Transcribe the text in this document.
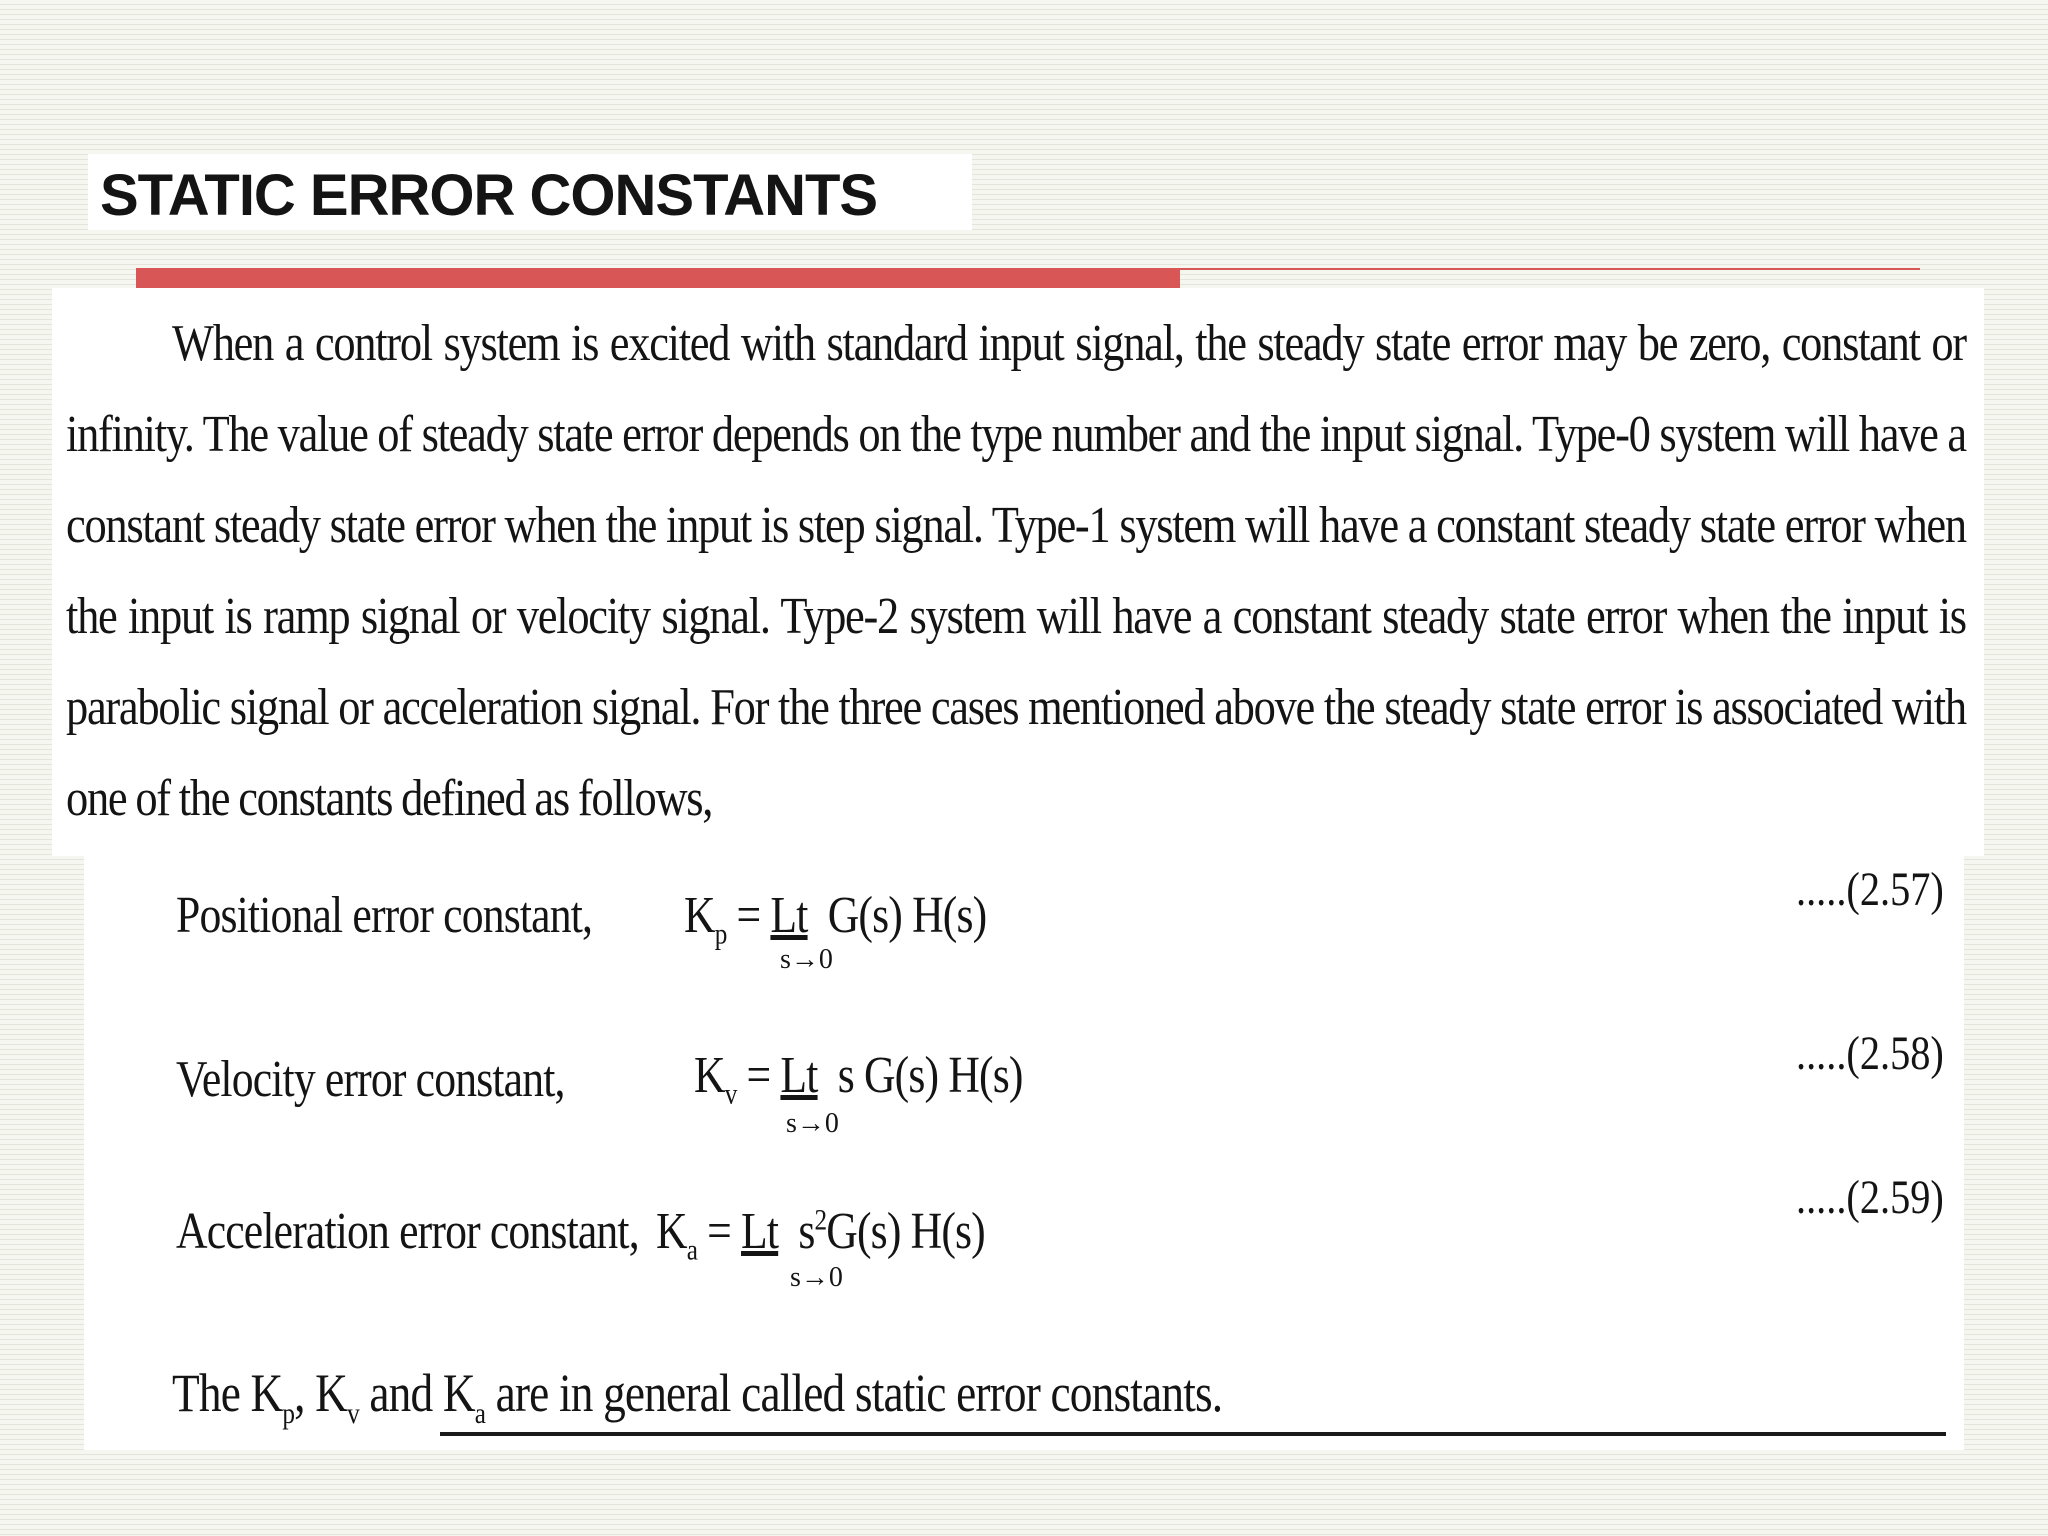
STATIC ERROR CONSTANTS

When a control system is excited with standard input signal, the steady state error may be zero, constant or infinity. The value of steady state error depends on the type number and the input signal. Type-0 system will have a constant steady state error when the input is step signal. Type-1 system will have a constant steady state error when the input is ramp signal or velocity signal. Type-2 system will have a constant steady state error when the input is parabolic signal or acceleration signal. For the three cases mentioned above the steady state error is associated with one of the constants defined as follows,

Positional error constant, $K_p = Lt$ G(s) H(s)
s→0
.....(2.57)
Velocity error constant, $K_v = Lt$ s G(s) H(s)
s→0
.....(2.58)
Acceleration error constant, $K_a = Lt$ $s^2G(s)$ H(s)
s→0
.....(2.59)

The $K_p$, $K_v$ and $K_a$ are in general called static error constants.
